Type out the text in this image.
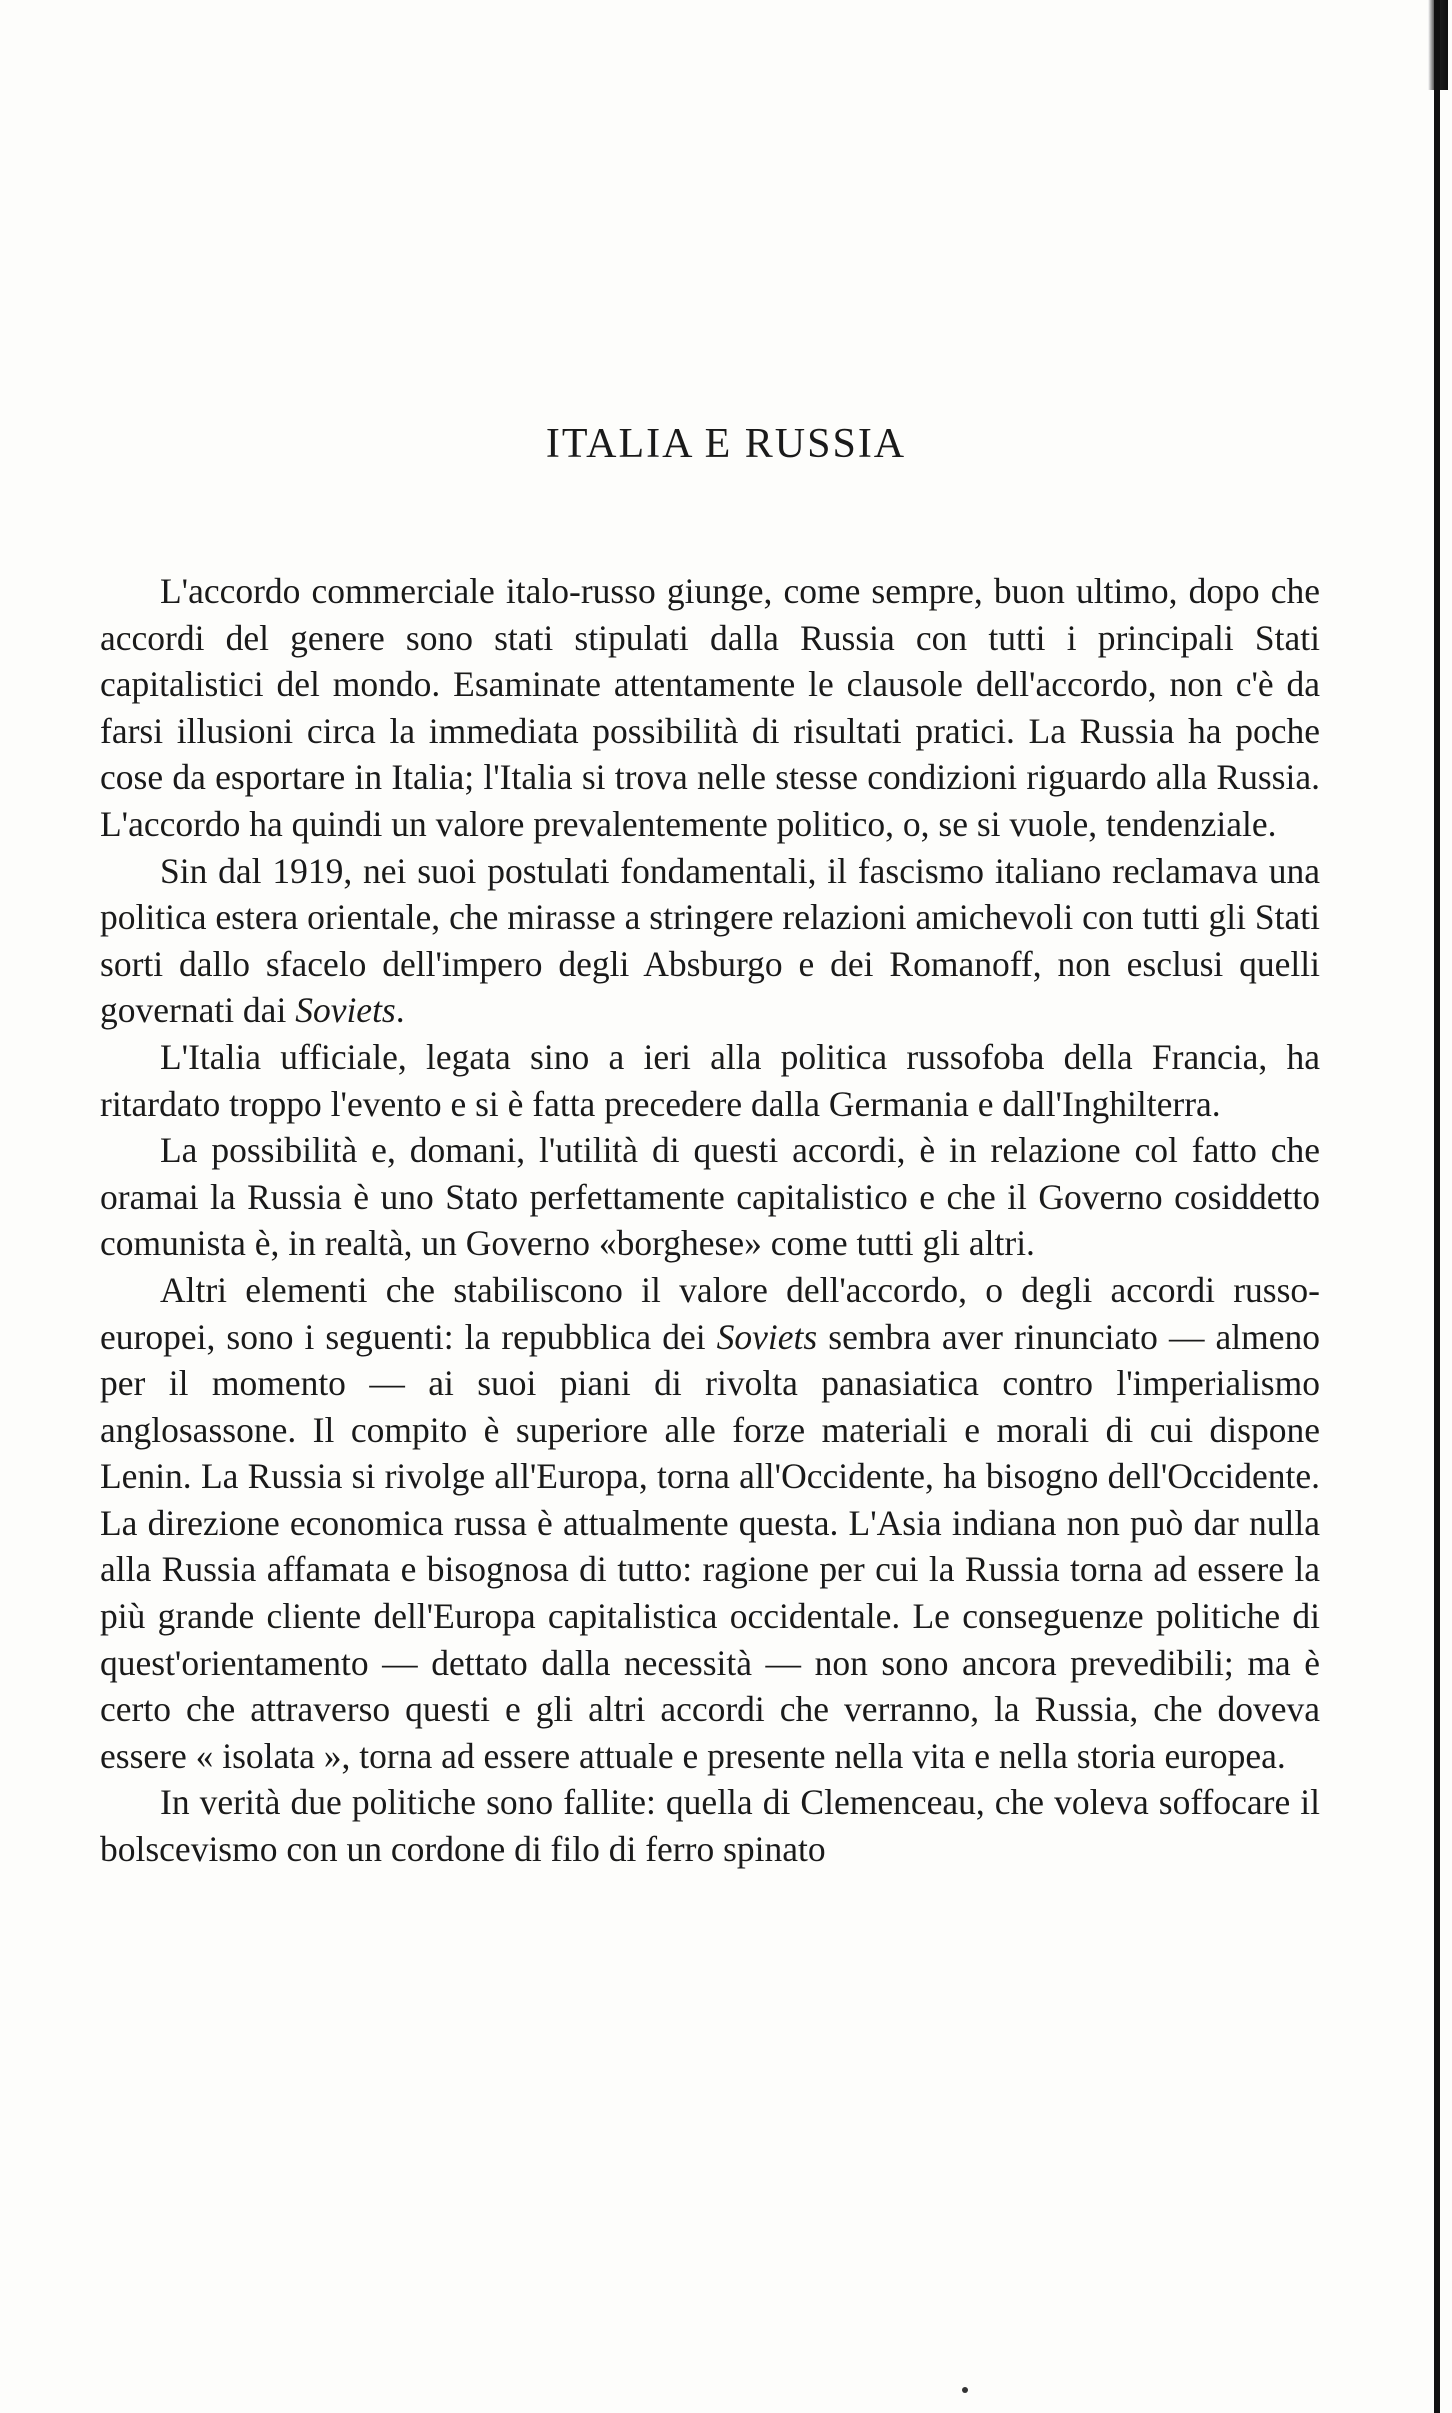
ITALIA E RUSSIA

L'accordo commerciale italo-russo giunge, come sempre, buon ultimo, dopo che accordi del genere sono stati stipulati dalla Russia con tutti i principali Stati capitalistici del mondo. Esaminate attentamente le clausole dell'accordo, non c'è da farsi illusioni circa la immediata possibilità di risultati pratici. La Russia ha poche cose da esportare in Italia; l'Italia si trova nelle stesse condizioni riguardo alla Russia. L'accordo ha quindi un valore prevalentemente politico, o, se si vuole, tendenziale.

Sin dal 1919, nei suoi postulati fondamentali, il fascismo italiano reclamava una politica estera orientale, che mirasse a stringere relazioni amichevoli con tutti gli Stati sorti dallo sfacelo dell'impero degli Absburgo e dei Romanoff, non esclusi quelli governati dai Soviets.

L'Italia ufficiale, legata sino a ieri alla politica russofoba della Francia, ha ritardato troppo l'evento e si è fatta precedere dalla Germania e dall'Inghilterra.

La possibilità e, domani, l'utilità di questi accordi, è in relazione col fatto che oramai la Russia è uno Stato perfettamente capitalistico e che il Governo cosiddetto comunista è, in realtà, un Governo «borghese» come tutti gli altri.

Altri elementi che stabiliscono il valore dell'accordo, o degli accordi russo-europei, sono i seguenti: la repubblica dei Soviets sembra aver rinunciato — almeno per il momento — ai suoi piani di rivolta panasiatica contro l'imperialismo anglosassone. Il compito è superiore alle forze materiali e morali di cui dispone Lenin. La Russia si rivolge all'Europa, torna all'Occidente, ha bisogno dell'Occidente. La direzione economica russa è attualmente questa. L'Asia indiana non può dar nulla alla Russia affamata e bisognosa di tutto: ragione per cui la Russia torna ad essere la più grande cliente dell'Europa capitalistica occidentale. Le conseguenze politiche di quest'orientamento — dettato dalla necessità — non sono ancora prevedibili; ma è certo che attraverso questi e gli altri accordi che verranno, la Russia, che doveva essere « isolata », torna ad essere attuale e presente nella vita e nella storia europea.

In verità due politiche sono fallite: quella di Clemenceau, che voleva soffocare il bolscevismo con un cordone di filo di ferro spinato
